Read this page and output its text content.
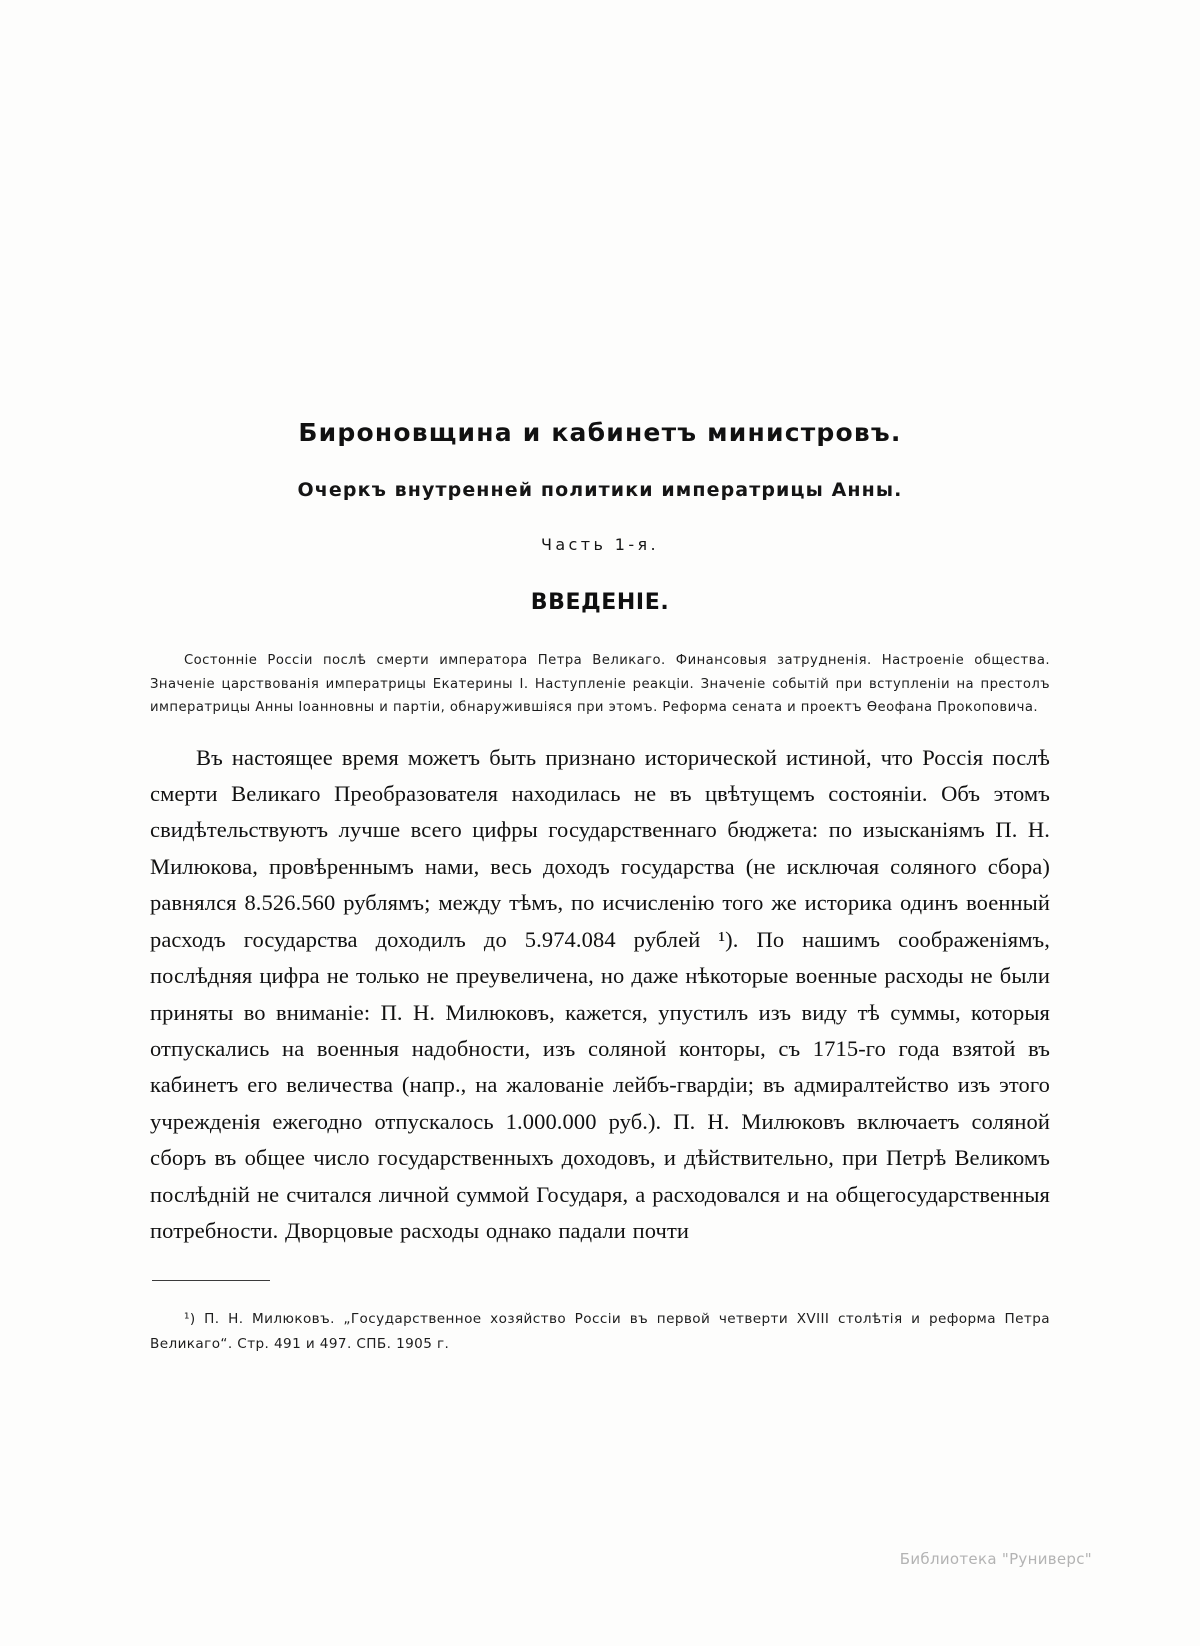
Бироновщина и кабинетъ министровъ.
Очеркъ внутренней политики императрицы Анны.
Часть 1-я.
ВВЕДЕНІЕ.

Состонніе Россіи послѣ смерти императора Петра Великаго. Финансовыя затрудненія. Настроеніе общества. Значеніе царствованія императрицы Екатерины I. Наступленіе реакціи. Значеніе событій при вступленіи на престолъ императрицы Анны Іоанновны и партіи, обнаружившіяся при этомъ. Реформа сената и проектъ Ѳеофана Прокоповича.

Въ настоящее время можетъ быть признано исторической истиной, что Россія послѣ смерти Великаго Преобразователя находилась не въ цвѣтущемъ состояніи. Объ этомъ свидѣтельствуютъ лучше всего цифры государственнаго бюджета: по изысканіямъ П. Н. Милюкова, провѣреннымъ нами, весь доходъ государства (не исключая соляного сбора) равнялся 8.526.560 рублямъ; между тѣмъ, по исчисленію того же историка одинъ военный расходъ государства доходилъ до 5.974.084 рублей ¹). По нашимъ соображеніямъ, послѣдняя цифра не только не преувеличена, но даже нѣкоторые военные расходы не были приняты во вниманіе: П. Н. Милюковъ, кажется, упустилъ изъ виду тѣ суммы, которыя отпускались на военныя надобности, изъ соляной конторы, съ 1715-го года взятой въ кабинетъ его величества (напр., на жалованіе лейбъ-гвардіи; въ адмиралтейство изъ этого учрежденія ежегодно отпускалось 1.000.000 руб.). П. Н. Милюковъ включаетъ соляной сборъ въ общее число государственныхъ доходовъ, и дѣйствительно, при Петрѣ Великомъ послѣдній не считался личной суммой Государя, а расходовался и на общегосударственныя потребности. Дворцовые расходы однако падали почти

¹) П. Н. Милюковъ. „Государственное хозяйство Россіи въ первой четверти XVIII столѣтія и реформа Петра Великаго“. Стр. 491 и 497. СПБ. 1905 г.

Библиотека "Руниверс"
